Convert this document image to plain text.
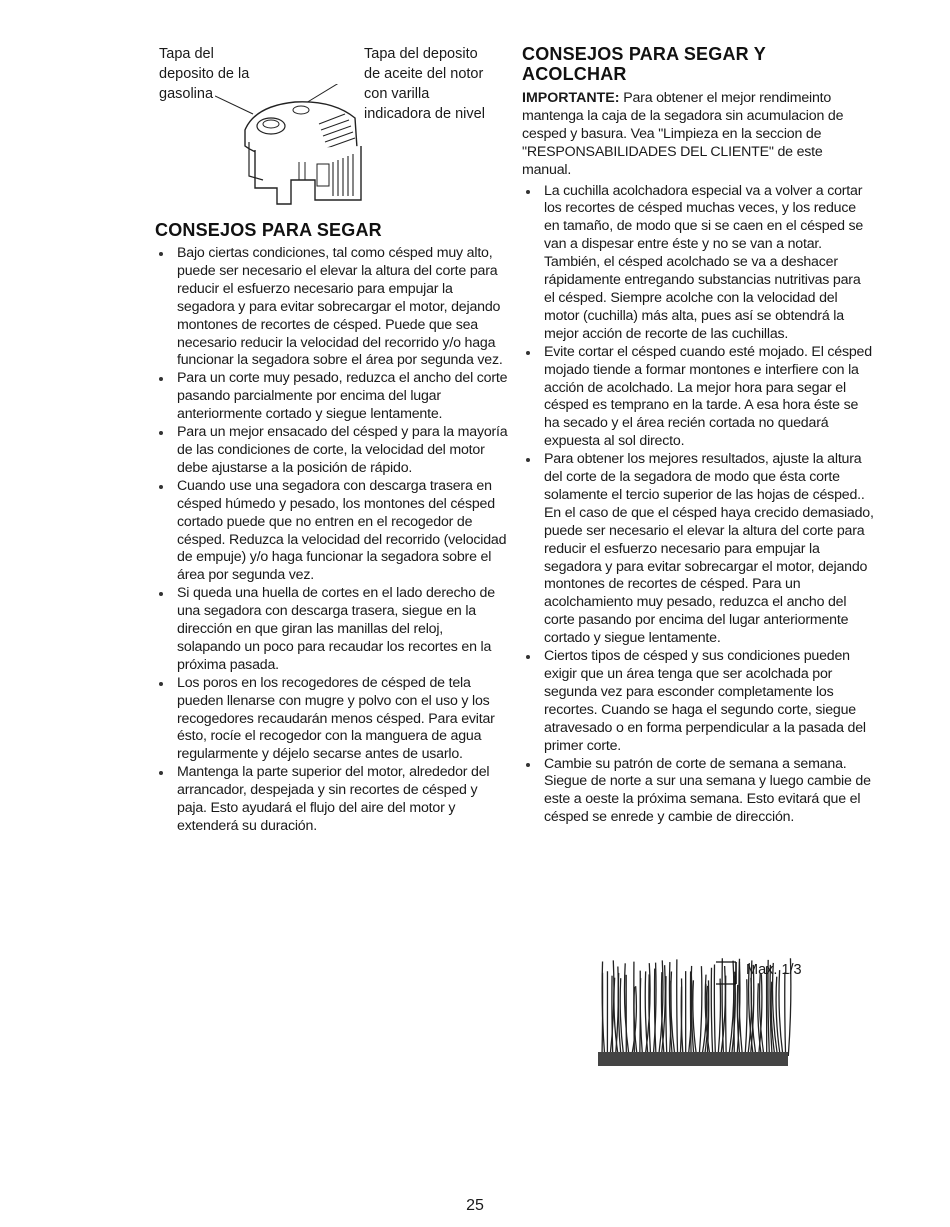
Tapa del
deposito de la
gasolina
Tapa del deposito
de aceite del notor
con varilla
indicadora de nivel
CONSEJOS PARA SEGAR
Bajo ciertas condiciones, tal como césped muy alto, puede ser necesario el elevar la altura del corte para reducir el esfuerzo necesario para empujar la segadora y para evitar sobrecargar el motor, dejando montones de recortes de césped. Puede que sea necesario reducir la velocidad del recorrido y/o haga funcionar la segadora sobre el área por segunda vez.
Para un corte muy pesado, reduzca el ancho del corte pasando parcialmente por encima del lugar anteriormente cortado y siegue lentamente.
Para un mejor ensacado del césped y para la mayoría de las condiciones de corte, la velocidad del motor debe ajustarse a la posición de rápido.
Cuando use una segadora con descarga trasera en césped húmedo y pesado, los montones del césped cortado puede que no entren en el recogedor de césped. Reduzca la velocidad del recorrido (velocidad de empuje) y/o haga funcionar la segadora sobre el área por segunda vez.
Si queda una huella de cortes en el lado derecho de una segadora con descarga trasera, siegue en la dirección en que giran las manillas del reloj, solapando un poco para recaudar los recortes en la próxima pasada.
Los poros en los recogedores de césped de tela pueden llenarse con mugre y polvo con el uso y los recogedores recaudarán menos césped. Para evitar ésto, rocíe el recogedor con la manguera de agua regularmente y déjelo secarse antes de usarlo.
Mantenga la parte superior del motor, alrededor del arrancador, despejada y sin recortes de césped y paja. Esto ayudará el flujo del aire del motor y extenderá su duración.
CONSEJOS PARA SEGAR Y ACOLCHAR

IMPORTANTE: Para obtener el mejor rendimeinto mantenga la caja de la segadora sin acumulacion de cesped y basura. Vea "Limpieza en la seccion de "RESPONSABILIDADES DEL CLIENTE" de este manual.

La cuchilla acolchadora especial va a volver a cortar los recortes de césped muchas veces, y los reduce en tamaño, de modo que si se caen en el césped se van a dispesar entre éste y no se van a notar. También, el césped acolchado se va a deshacer rápidamente entregando substancias nutritivas para el césped. Siempre acolche con la velocidad del motor (cuchilla) más alta, pues así se obtendrá la mejor acción de recorte de las cuchillas.
Evite cortar el césped cuando esté mojado. El césped mojado tiende a formar montones e interfiere con la acción de acolchado. La mejor hora para segar el césped es temprano en la tarde. A esa hora éste se ha secado y el área recién cortada no quedará expuesta al sol directo.
Para obtener los mejores resultados, ajuste la altura del corte de la segadora de modo que ésta corte solamente el tercio superior de las hojas de césped.. En el caso de que el césped haya crecido demasiado, puede ser necesario el elevar la altura del corte para reducir el esfuerzo necesario para empujar la segadora y para evitar sobrecargar el motor, dejando montones de recortes de césped. Para un acolchamiento muy pesado, reduzca el ancho del corte pasando por encima del lugar anteriormente cortado y siegue lentamente.
Ciertos tipos de césped y sus condiciones pueden exigir que un área tenga que ser acolchada por segunda vez para esconder completamente los recortes. Cuando se haga el segundo corte, siegue atravesado o en forma perpendicular a la pasada del primer corte.
Cambie su patrón de corte de semana a semana. Siegue de norte a sur una semana y luego cambie de este a oeste la próxima semana. Esto evitará que el césped se enrede y cambie de dirección.
Max. 1/3
25
